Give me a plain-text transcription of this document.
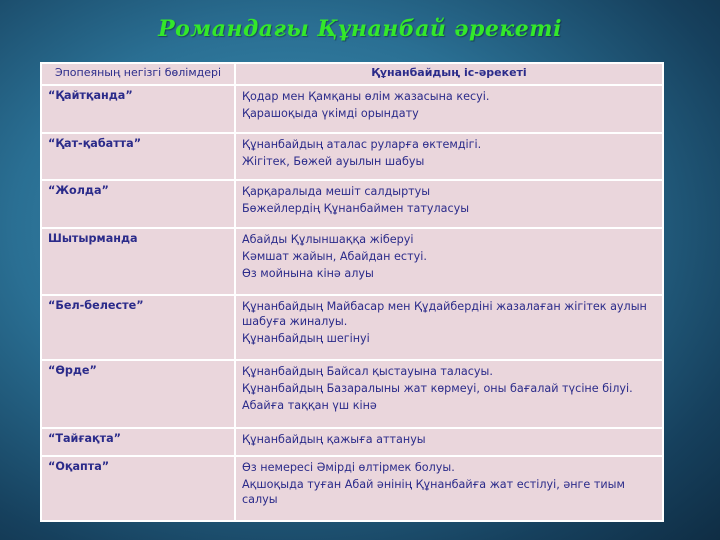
Романдағы Құнанбай әрекеті
Эпопеяның негізгі бөлімдері	Құнанбайдың іс-әрекеті
“Қайтқанда”	Қодар мен Қамқаны өлім жазасына кесуі.
Қарашоқыда үкімді орындату

“Қат-қабатта”	Құнанбайдың аталас руларға өктемдігі.
Жігітек, Бөжей ауылын шабуы

“Жолда”	Қарқаралыда мешіт салдыртуы
Бөжейлердің Құнанбаймен татуласуы

Шытырманда	Абайды Құлыншаққа жіберуі
Кәмшат жайын, Абайдан естуі.
Өз мойнына кінә алуы

“Бел-белесте”	Құнанбайдың Майбасар мен Құдайбердіні жазалаған жігітек аулын шабуға жиналуы.
Құнанбайдың шегінуі

“Өрде”	Құнанбайдың Байсал қыстауына таласуы.
Құнанбайдың Базаралыны жат көрмеуі, оны бағалай түсіне білуі.
Абайға таққан үш кінә

“Тайғақта”	Құнанбайдың қажыға аттануы

“Оқапта”	Өз немересі Әмірді өлтірмек болуы.
Ақшоқыда туған Абай әнінің Құнанбайға жат естілуі, әнге тиым салуы
